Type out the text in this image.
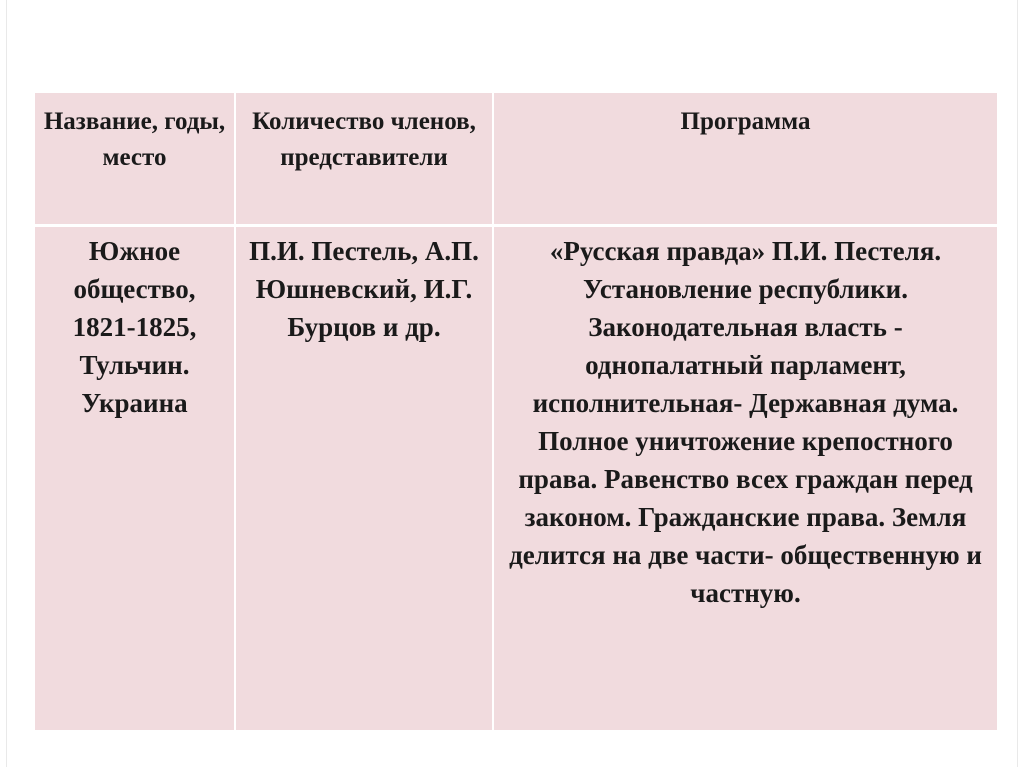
Название, годы, место	Количество членов, представители	Программа
Южное общество, 1821-1825, Тульчин. Украина	П.И. Пестель, А.П. Юшневский, И.Г. Бурцов и др.	«Русская правда» П.И. Пестеля. Установление республики. Законодательная власть - однопалатный парламент, исполнительная- Державная дума. Полное уничтожение крепостного права. Равенство всех граждан перед законом. Гражданские права. Земля делится на две части- общественную и частную.
